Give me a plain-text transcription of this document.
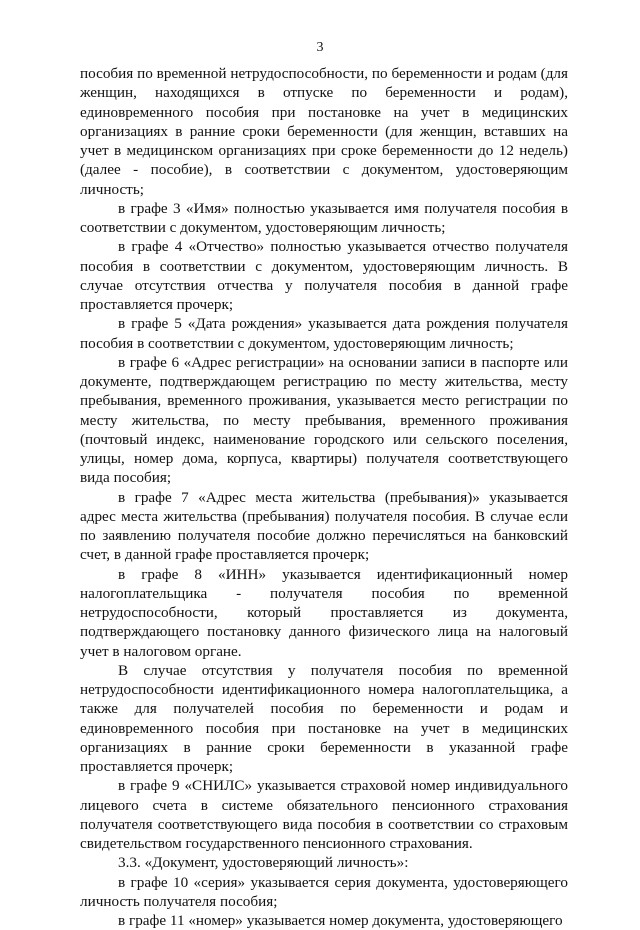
3

пособия по временной нетрудоспособности, по беременности и родам (для женщин, находящихся в отпуске по беременности и родам), единовременного пособия при постановке на учет в медицинских организациях в ранние сроки беременности (для женщин, вставших на учет в медицинском организациях при сроке беременности до 12 недель) (далее - пособие), в соответствии с документом, удостоверяющим личность;

в графе 3 «Имя» полностью указывается имя получателя пособия в соответствии с документом, удостоверяющим личность;

в графе 4 «Отчество» полностью указывается отчество получателя пособия в соответствии с документом, удостоверяющим личность. В случае отсутствия отчества у получателя пособия в данной графе проставляется прочерк;

в графе 5 «Дата рождения» указывается дата рождения получателя пособия в соответствии с документом, удостоверяющим личность;

в графе 6 «Адрес регистрации» на основании записи в паспорте или документе, подтверждающем регистрацию по месту жительства, месту пребывания, временного проживания, указывается место регистрации по месту жительства, по месту пребывания, временного проживания (почтовый индекс, наименование городского или сельского поселения, улицы, номер дома, корпуса, квартиры) получателя соответствующего вида пособия;

в графе 7 «Адрес места жительства (пребывания)» указывается адрес места жительства (пребывания) получателя пособия. В случае если по заявлению получателя пособие должно перечисляться на банковский счет, в данной графе проставляется прочерк;

в графе 8 «ИНН» указывается идентификационный номер налогоплательщика - получателя пособия по временной нетрудоспособности, который проставляется из документа, подтверждающего постановку данного физического лица на налоговый учет в налоговом органе.

В случае отсутствия у получателя пособия по временной нетрудоспособности идентификационного номера налогоплательщика, а также для получателей пособия по беременности и родам и единовременного пособия при постановке на учет в медицинских организациях в ранние сроки беременности в указанной графе проставляется прочерк;

в графе 9 «СНИЛС» указывается страховой номер индивидуального лицевого счета в системе обязательного пенсионного страхования получателя соответствующего вида пособия в соответствии со страховым свидетельством государственного пенсионного страхования.

3.3. «Документ, удостоверяющий личность»:

в графе 10 «серия» указывается серия документа, удостоверяющего личность получателя пособия;

в графе 11 «номер» указывается номер документа, удостоверяющего
